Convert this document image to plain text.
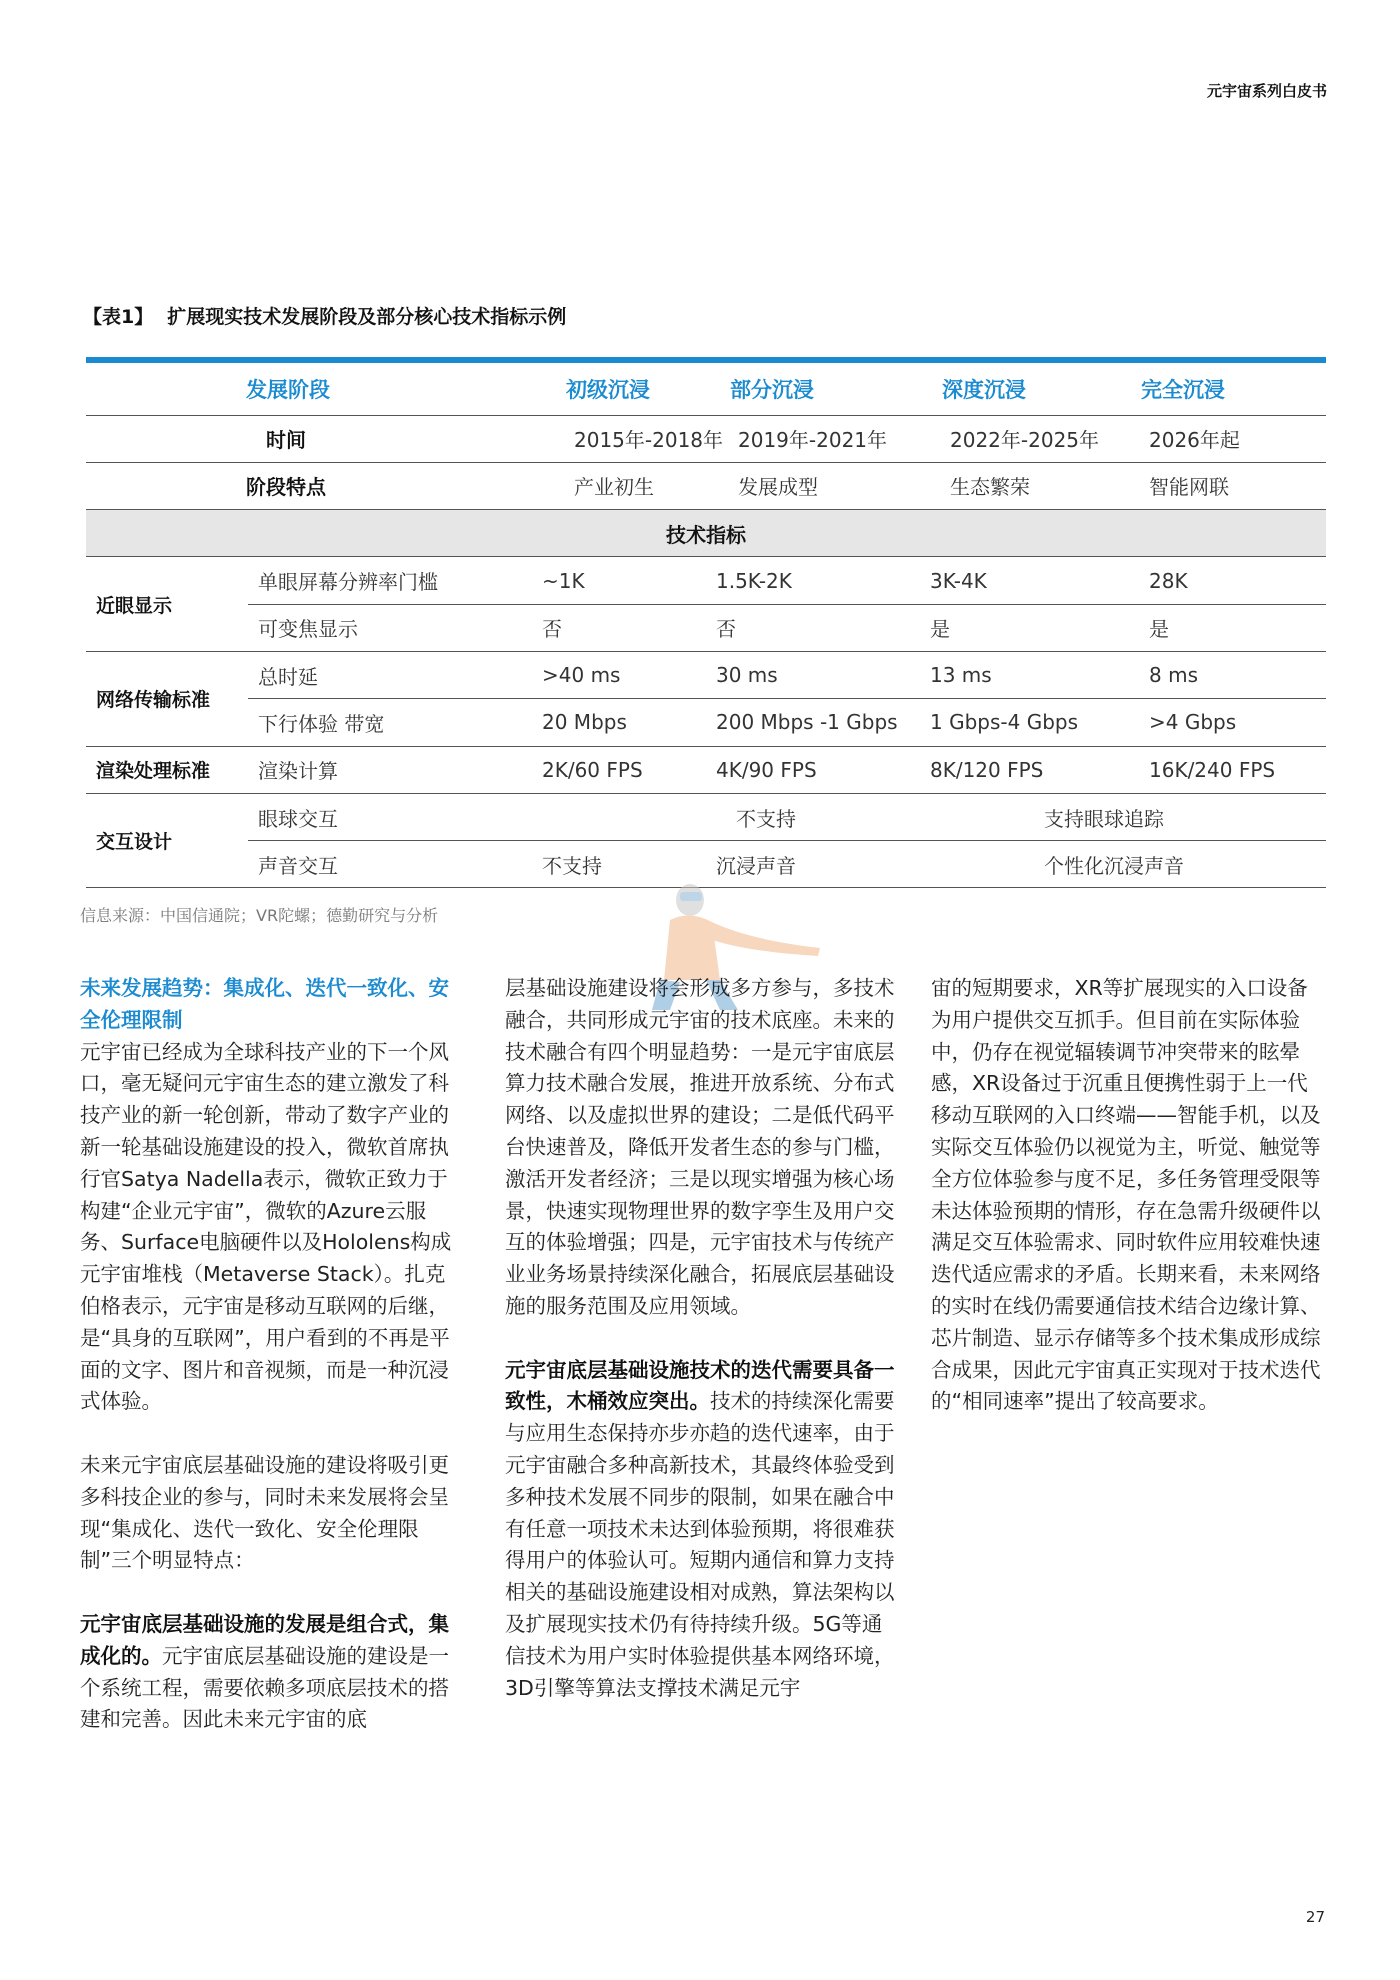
元宇宙系列白皮书
【表1】 扩展现实技术发展阶段及部分核心技术指标示例
发展阶段		初级沉浸	部分沉浸	深度沉浸	完全沉浸
时间		2015年-2018年	2019年-2021年	2022年-2025年	2026年起
阶段特点		产业初生	发展成型	生态繁荣	智能网联
技术指标					
近眼显示	单眼屏幕分辨率门槛	~1K	1.5K-2K	3K-4K	28K
	可变焦显示	否	否	是	是
网络传输标准	总时延	>40 ms	30 ms	13 ms	8 ms
	下行体验 带宽	20 Mbps	200 Mbps -1 Gbps	1 Gbps-4 Gbps	>4 Gbps
渲染处理标准	渲染计算	2K/60 FPS	4K/90 FPS	8K/120 FPS	16K/240 FPS
交互设计	眼球交互	不支持		支持眼球追踪	
	声音交互	不支持	沉浸声音	个性化沉浸声音	
信息来源：中国信通院；VR陀螺；德勤研究与分析

未来发展趋势：集成化、迭代一致化、安全伦理限制
元宇宙已经成为全球科技产业的下一个风口，毫无疑问元宇宙生态的建立激发了科技产业的新一轮创新，带动了数字产业的新一轮基础设施建设的投入，微软首席执行官Satya Nadella表示，微软正致力于构建“企业元宇宙”，微软的Azure云服务、Surface电脑硬件以及Hololens构成元宇宙堆栈（Metaverse Stack）。扎克伯格表示，元宇宙是移动互联网的后继，是“具身的互联网”，用户看到的不再是平面的文字、图片和音视频，而是一种沉浸式体验。

未来元宇宙底层基础设施的建设将吸引更多科技企业的参与，同时未来发展将会呈现“集成化、迭代一致化、安全伦理限制”三个明显特点：

元宇宙底层基础设施的发展是组合式，集成化的。元宇宙底层基础设施的建设是一个系统工程，需要依赖多项底层技术的搭建和完善。因此未来元宇宙的底

层基础设施建设将会形成多方参与，多技术融合，共同形成元宇宙的技术底座。未来的技术融合有四个明显趋势：一是元宇宙底层算力技术融合发展，推进开放系统、分布式网络、以及虚拟世界的建设；二是低代码平台快速普及，降低开发者生态的参与门槛，激活开发者经济；三是以现实增强为核心场景，快速实现物理世界的数字孪生及用户交互的体验增强；四是，元宇宙技术与传统产业业务场景持续深化融合，拓展底层基础设施的服务范围及应用领域。

元宇宙底层基础设施技术的迭代需要具备一致性，木桶效应突出。技术的持续深化需要与应用生态保持亦步亦趋的迭代速率，由于元宇宙融合多种高新技术，其最终体验受到多种技术发展不同步的限制，如果在融合中有任意一项技术未达到体验预期，将很难获得用户的体验认可。短期内通信和算力支持相关的基础设施建设相对成熟，算法架构以及扩展现实技术仍有待持续升级。5G等通信技术为用户实时体验提供基本网络环境，3D引擎等算法支撑技术满足元宇

宙的短期要求，XR等扩展现实的入口设备为用户提供交互抓手。但目前在实际体验中，仍存在视觉辐辏调节冲突带来的眩晕感，XR设备过于沉重且便携性弱于上一代移动互联网的入口终端——智能手机，以及实际交互体验仍以视觉为主，听觉、触觉等全方位体验参与度不足，多任务管理受限等未达体验预期的情形，存在急需升级硬件以满足交互体验需求、同时软件应用较难快速迭代适应需求的矛盾。长期来看，未来网络的实时在线仍需要通信技术结合边缘计算、芯片制造、显示存储等多个技术集成形成综合成果，因此元宇宙真正实现对于技术迭代的“相同速率”提出了较高要求。

27
